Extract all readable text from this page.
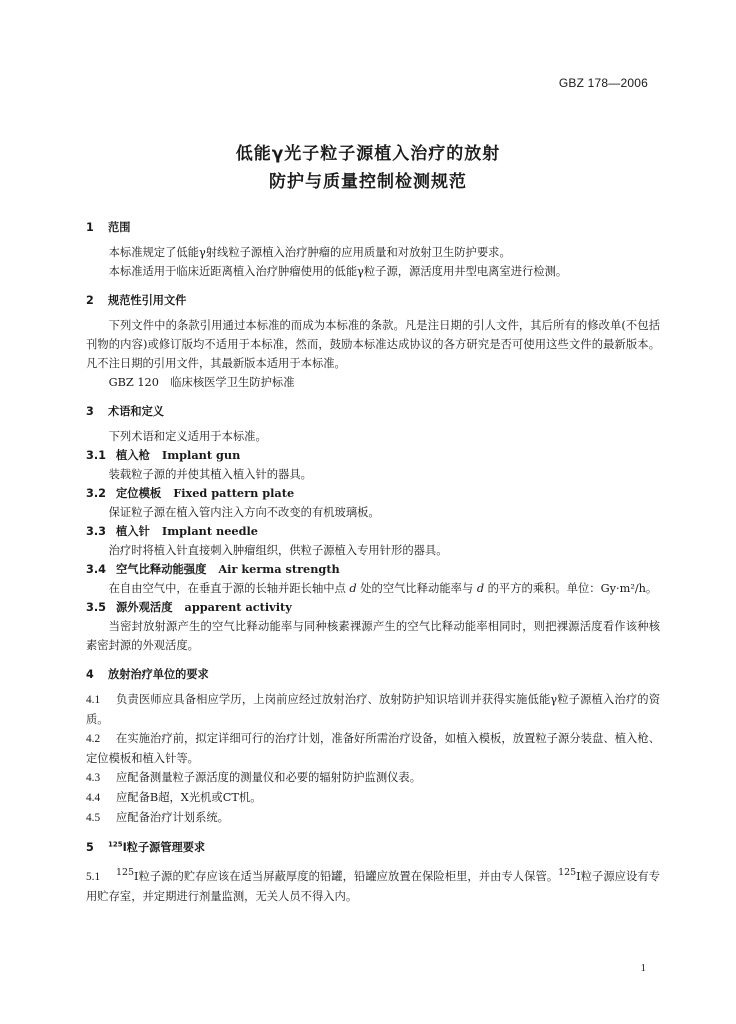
GBZ 178—2006
低能γ光子粒子源植入治疗的放射
防护与质量控制检测规范
1 范围
本标准规定了低能γ射线粒子源植入治疗肿瘤的应用质量和对放射卫生防护要求。
本标准适用于临床近距离植入治疗肿瘤使用的低能γ粒子源，源活度用井型电离室进行检测。
2 规范性引用文件
下列文件中的条款引用通过本标准的而成为本标准的条款。凡是注日期的引人文件，其后所有的修改单(不包括刊物的内容)或修订版均不适用于本标准，然而，鼓励本标准达成协议的各方研究是否可使用这些文件的最新版本。凡不注日期的引用文件，其最新版本适用于本标准。
GBZ 120　临床核医学卫生防护标准
3 术语和定义
下列术语和定义适用于本标准。
3.1 植入枪 Implant gun
装载粒子源的并使其植入植入针的器具。
3.2 定位模板 Fixed pattern plate
保证粒子源在植入管内注入方向不改变的有机玻璃板。
3.3 植入针 Implant needle
治疗时将植入针直接刺入肿瘤组织，供粒子源植入专用针形的器具。
3.4 空气比释动能强度 Air kerma strength
在自由空气中，在垂直于源的长轴并距长轴中点 d 处的空气比释动能率与 d 的平方的乘积。单位：Gy·m²/h。
3.5 源外观活度 apparent activity
当密封放射源产生的空气比释动能率与同种核素裸源产生的空气比释动能率相同时，则把裸源活度看作该种核素密封源的外观活度。
4 放射治疗单位的要求
4.1 负责医师应具备相应学历，上岗前应经过放射治疗、放射防护知识培训并获得实施低能γ粒子源植入治疗的资质。
4.2 在实施治疗前，拟定详细可行的治疗计划，准备好所需治疗设备，如植入模板，放置粒子源分装盘、植入枪、定位模板和植入针等。
4.3 应配备测量粒子源活度的测量仪和必要的辐射防护监测仪表。
4.4 应配备B超，X光机或CT机。
4.5 应配备治疗计划系统。
5 $^{125}$I粒子源管理要求
5.1 $^{125}$I粒子源的贮存应该在适当屏蔽厚度的铅罐，铅罐应放置在保险柜里，并由专人保管。$^{125}$I粒子源应设有专用贮存室，并定期进行剂量监测，无关人员不得入内。
1
